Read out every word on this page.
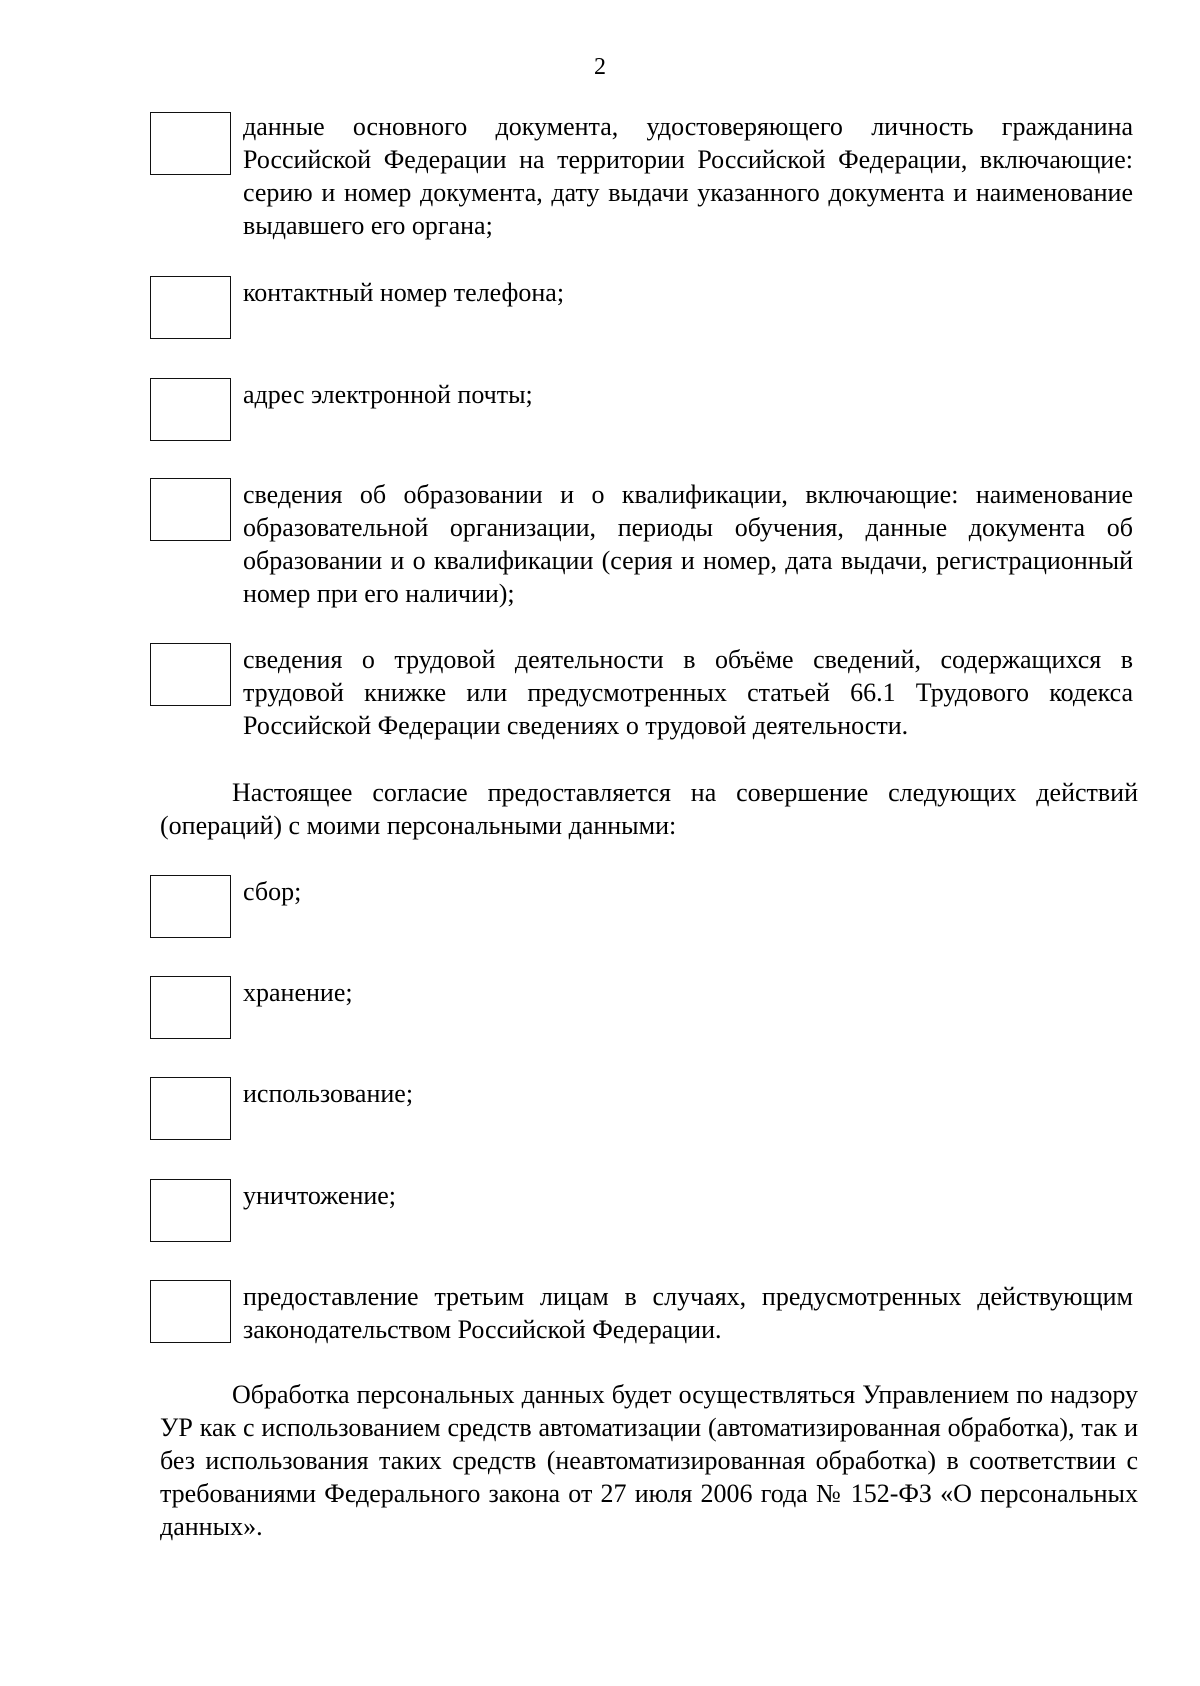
2
данные основного документа, удостоверяющего личность гражданина Российской Федерации на территории Российской Федерации, включающие: серию и номер документа, дату выдачи указанного документа и наименование выдавшего его органа;
контактный номер телефона;
адрес электронной почты;
сведения об образовании и о квалификации, включающие: наименование образовательной организации, периоды обучения, данные документа об образовании и о квалификации (серия и номер, дата выдачи, регистрационный номер при его наличии);
сведения о трудовой деятельности в объёме сведений, содержащихся в трудовой книжке или предусмотренных статьей 66.1 Трудового кодекса Российской Федерации сведениях о трудовой деятельности.
Настоящее согласие предоставляется на совершение следующих действий (операций) с моими персональными данными:
сбор;
хранение;
использование;
уничтожение;
предоставление третьим лицам в случаях, предусмотренных действующим законодательством Российской Федерации.
Обработка персональных данных будет осуществляться Управлением по надзору УР как с использованием средств автоматизации (автоматизированная обработка), так и без использования таких средств (неавтоматизированная обработка) в соответствии с требованиями Федерального закона от 27 июля 2006 года № 152-ФЗ «О персональных данных».
